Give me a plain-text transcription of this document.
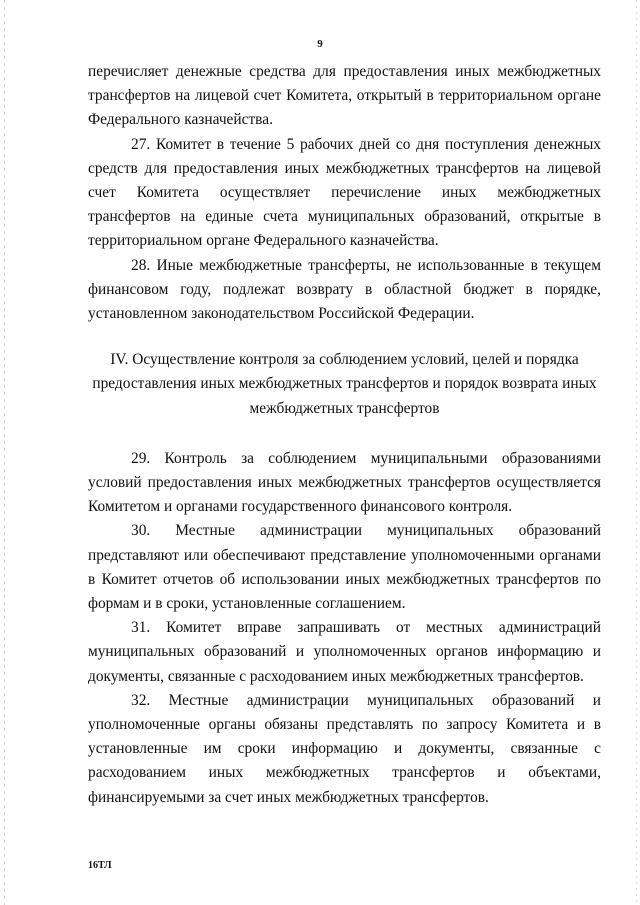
9

перечисляет денежные средства для предоставления иных межбюджетных трансфертов на лицевой счет Комитета, открытый в территориальном органе Федерального казначейства.

27. Комитет в течение 5 рабочих дней со дня поступления денежных средств для предоставления иных межбюджетных трансфертов на лицевой счет Комитета осуществляет перечисление иных межбюджетных трансфертов на единые счета муниципальных образований, открытые в территориальном органе Федерального казначейства.

28. Иные межбюджетные трансферты, не использованные в текущем финансовом году, подлежат возврату в областной бюджет в порядке, установленном законодательством Российской Федерации.

IV. Осуществление контроля за соблюдением условий, целей и порядка предоставления иных межбюджетных трансфертов и порядок возврата иных межбюджетных трансфертов

29. Контроль за соблюдением муниципальными образованиями условий предоставления иных межбюджетных трансфертов осуществляется Комитетом и органами государственного финансового контроля.

30. Местные администрации муниципальных образований представляют или обеспечивают представление уполномоченными органами в Комитет отчетов об использовании иных межбюджетных трансфертов по формам и в сроки, установленные соглашением.

31. Комитет вправе запрашивать от местных администраций муниципальных образований и уполномоченных органов информацию и документы, связанные с расходованием иных межбюджетных трансфертов.

32. Местные администрации муниципальных образований и уполномоченные органы обязаны представлять по запросу Комитета и в установленные им сроки информацию и документы, связанные с расходованием иных межбюджетных трансфертов и объектами, финансируемыми за счет иных межбюджетных трансфертов.

16ТЛ
